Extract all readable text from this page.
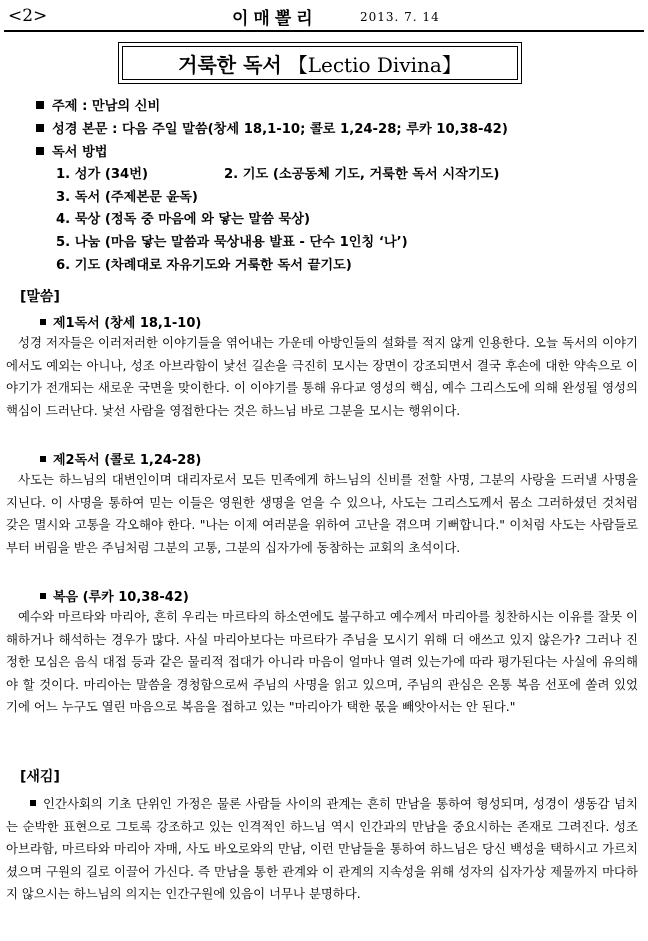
<2>	이매뽈리	2013. 7. 14
거룩한 독서 【Lectio Divina】
주제 : 만남의 신비
성경 본문 : 다음 주일 말씀(창세 18,1-10; 콜로 1,24-28; 루카 10,38-42)
독서 방법
1. 성가 (34번)	2. 기도 (소공동체 기도, 거룩한 독서 시작기도)
3. 독서 (주제본문 윤독)
4. 묵상 (정독 중 마음에 와 닿는 말씀 묵상)
5. 나눔 (마음 닿는 말씀과 묵상내용 발표 - 단수 1인칭 ‘나’)
6. 기도 (차례대로 자유기도와 거룩한 독서 끝기도)
[말씀]
제1독서 (창세 18,1-10)
성경 저자들은 이러저러한 이야기들을 엮어내는 가운데 아방인들의 설화를 적지 않게 인용한다. 오늘 독서의 이야기에서도 예외는 아니나, 성조 아브라함이 낯선 길손을 극진히 모시는 장면이 강조되면서 결국 후손에 대한 약속으로 이야기가 전개되는 새로운 국면을 맞이한다. 이 이야기를 통해 유다교 영성의 핵심, 예수 그리스도에 의해 완성될 영성의 핵심이 드러난다. 낯선 사람을 영접한다는 것은 하느님 바로 그분을 모시는 행위이다.
제2독서 (콜로 1,24-28)
사도는 하느님의 대변인이며 대리자로서 모든 민족에게 하느님의 신비를 전할 사명, 그분의 사랑을 드러낼 사명을 지닌다. 이 사명을 통하여 믿는 이들은 영원한 생명을 얻을 수 있으나, 사도는 그리스도께서 몸소 그러하셨던 것처럼 갖은 멸시와 고통을 각오해야 한다. "나는 이제 여러분을 위하여 고난을 겪으며 기뻐합니다." 이처럼 사도는 사람들로부터 버림을 받은 주님처럼 그분의 고통, 그분의 십자가에 동참하는 교회의 초석이다.
복음 (루카 10,38-42)
예수와 마르타와 마리아, 흔히 우리는 마르타의 하소연에도 불구하고 예수께서 마리아를 칭찬하시는 이유를 잘못 이해하거나 해석하는 경우가 많다. 사실 마리아보다는 마르타가 주님을 모시기 위해 더 애쓰고 있지 않은가? 그러나 진정한 모심은 음식 대접 등과 같은 물리적 접대가 아니라 마음이 얼마나 열려 있는가에 따라 평가된다는 사실에 유의해야 할 것이다. 마리아는 말씀을 경청함으로써 주님의 사명을 읽고 있으며, 주님의 관심은 온통 복음 선포에 쏠려 있었기에 어느 누구도 열린 마음으로 복음을 접하고 있는 "마리아가 택한 몫을 빼앗아서는 안 된다."
[새김]
인간사회의 기초 단위인 가정은 물론 사람들 사이의 관계는 흔히 만남을 통하여 형성되며, 성경이 생동감 넘치는 순박한 표현으로 그토록 강조하고 있는 인격적인 하느님 역시 인간과의 만남을 중요시하는 존재로 그려진다. 성조 아브라함, 마르타와 마리아 자매, 사도 바오로와의 만남, 이런 만남들을 통하여 하느님은 당신 백성을 택하시고 가르치셨으며 구원의 길로 이끌어 가신다. 즉 만남을 통한 관계와 이 관계의 지속성을 위해 성자의 십자가상 제물까지 마다하지 않으시는 하느님의 의지는 인간구원에 있음이 너무나 분명하다.
